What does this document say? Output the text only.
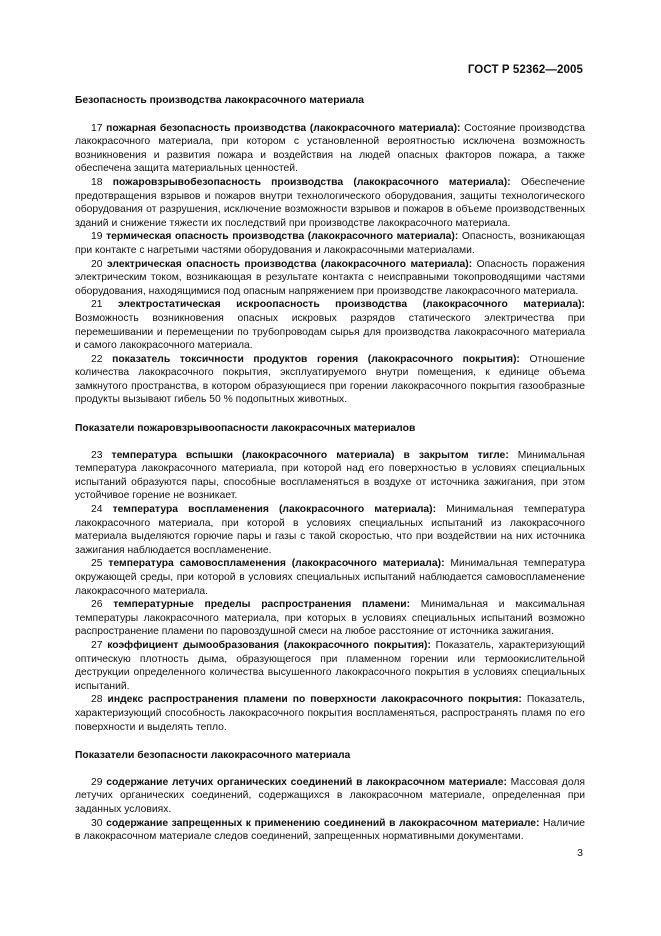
ГОСТ Р 52362—2005

Безопасность производства лакокрасочного материала

17 пожарная безопасность производства (лакокрасочного материала): Состояние производства лакокрасочного материала, при котором с установленной вероятностью исключена возможность возникновения и развития пожара и воздействия на людей опасных факторов пожара, а также обеспечена защита материальных ценностей.

18 пожаровзрывобезопасность производства (лакокрасочного материала): Обеспечение предотвращения взрывов и пожаров внутри технологического оборудования, защиты технологического оборудования от разрушения, исключение возможности взрывов и пожаров в объеме производственных зданий и снижение тяжести их последствий при производстве лакокрасочного материала.

19 термическая опасность производства (лакокрасочного материала): Опасность, возникающая при контакте с нагретыми частями оборудования и лакокрасочными материалами.

20 электрическая опасность производства (лакокрасочного материала): Опасность поражения электрическим током, возникающая в результате контакта с неисправными токопроводящими частями оборудования, находящимися под опасным напряжением при производстве лакокрасочного материала.

21 электростатическая искроопасность производства (лакокрасочного материала): Возможность возникновения опасных искровых разрядов статического электричества при перемешивании и перемещении по трубопроводам сырья для производства лакокрасочного материала и самого лакокрасочного материала.

22 показатель токсичности продуктов горения (лакокрасочного покрытия): Отношение количества лакокрасочного покрытия, эксплуатируемого внутри помещения, к единице объема замкнутого пространства, в котором образующиеся при горении лакокрасочного покрытия газообразные продукты вызывают гибель 50 % подопытных животных.

Показатели пожаровзрывоопасности лакокрасочных материалов

23 температура вспышки (лакокрасочного материала) в закрытом тигле: Минимальная температура лакокрасочного материала, при которой над его поверхностью в условиях специальных испытаний образуются пары, способные воспламеняться в воздухе от источника зажигания, при этом устойчивое горение не возникает.

24 температура воспламенения (лакокрасочного материала): Минимальная температура лакокрасочного материала, при которой в условиях специальных испытаний из лакокрасочного материала выделяются горючие пары и газы с такой скоростью, что при воздействии на них источника зажигания наблюдается воспламенение.

25 температура самовоспламенения (лакокрасочного материала): Минимальная температура окружающей среды, при которой в условиях специальных испытаний наблюдается самовоспламенение лакокрасочного материала.

26 температурные пределы распространения пламени: Минимальная и максимальная температуры лакокрасочного материала, при которых в условиях специальных испытаний возможно распространение пламени по паровоздушной смеси на любое расстояние от источника зажигания.

27 коэффициент дымообразования (лакокрасочного покрытия): Показатель, характеризующий оптическую плотность дыма, образующегося при пламенном горении или термоокислительной деструкции определенного количества высушенного лакокрасочного покрытия в условиях специальных испытаний.

28 индекс распространения пламени по поверхности лакокрасочного покрытия: Показатель, характеризующий способность лакокрасочного покрытия воспламеняться, распространять пламя по его поверхности и выделять тепло.

Показатели безопасности лакокрасочного материала

29 содержание летучих органических соединений в лакокрасочном материале: Массовая доля летучих органических соединений, содержащихся в лакокрасочном материале, определенная при заданных условиях.

30 содержание запрещенных к применению соединений в лакокрасочном материале: Наличие в лакокрасочном материале следов соединений, запрещенных нормативными документами.

3
